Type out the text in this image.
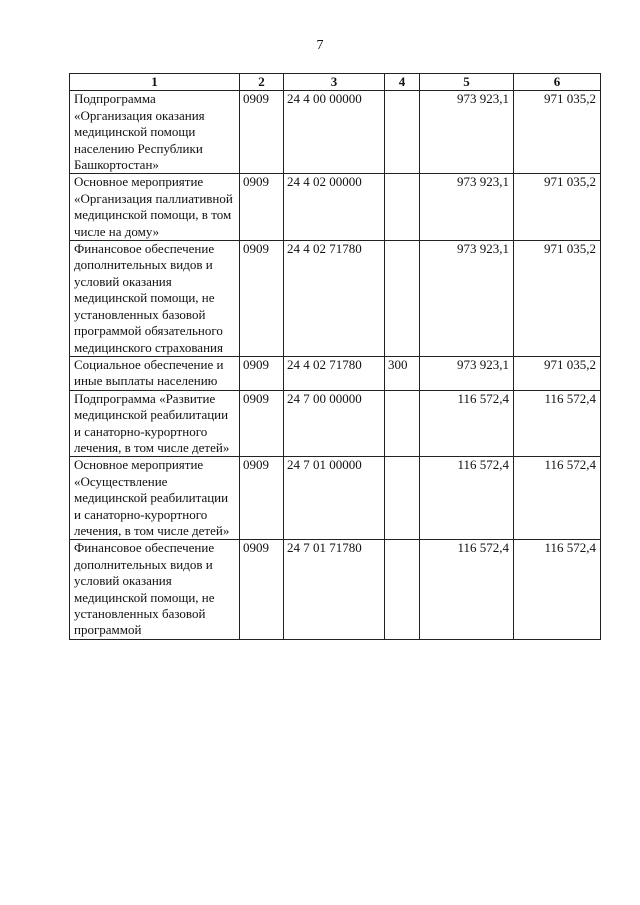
7
1	2	3	4	5	6
Подпрограмма «Организация оказания медицинской помощи населению Республики Башкортостан»	0909	24 4 00 00000		973 923,1	971 035,2
Основное мероприятие «Организация паллиативной медицинской помощи, в том числе на дому»	0909	24 4 02 00000		973 923,1	971 035,2
Финансовое обеспечение дополнительных видов и условий оказания медицинской помощи, не установленных базовой программой обязательного медицинского страхования	0909	24 4 02 71780		973 923,1	971 035,2
Социальное обеспечение и иные выплаты населению	0909	24 4 02 71780	300	973 923,1	971 035,2
Подпрограмма «Развитие медицинской реабилитации и санаторно-курортного лечения, в том числе детей»	0909	24 7 00 00000		116 572,4	116 572,4
Основное мероприятие «Осуществление медицинской реабилитации и санаторно-курортного лечения, в том числе детей»	0909	24 7 01 00000		116 572,4	116 572,4
Финансовое обеспечение дополнительных видов и условий оказания медицинской помощи, не установленных базовой программой	0909	24 7 01 71780		116 572,4	116 572,4
